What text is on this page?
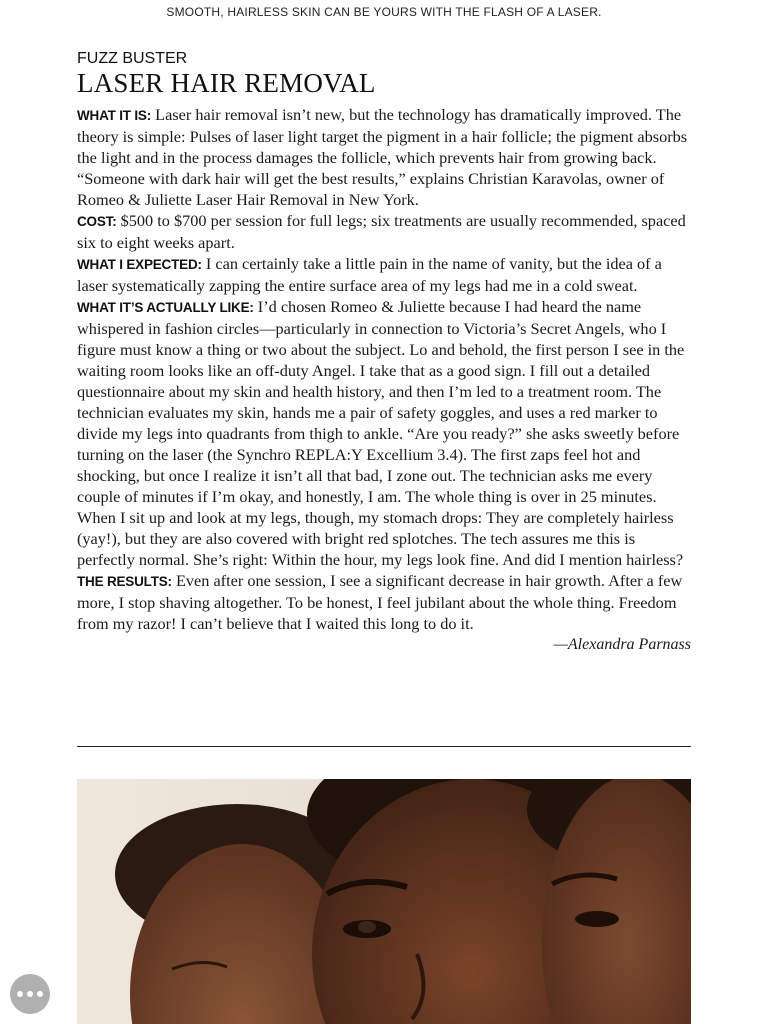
SMOOTH, HAIRLESS SKIN CAN BE YOURS WITH THE FLASH OF A LASER.

FUZZ BUSTER

LASER HAIR REMOVAL

WHAT IT IS: Laser hair removal isn’t new, but the technology has dramatically improved. The theory is simple: Pulses of laser light target the pigment in a hair follicle; the pigment absorbs the light and in the process damages the follicle, which prevents hair from growing back. “Someone with dark hair will get the best results,” explains Christian Karavolas, owner of Romeo & Juliette Laser Hair Removal in New York.

COST: $500 to $700 per session for full legs; six treatments are usually recommended, spaced six to eight weeks apart.

WHAT I EXPECTED: I can certainly take a little pain in the name of vanity, but the idea of a laser systematically zapping the entire surface area of my legs had me in a cold sweat.

WHAT IT’S ACTUALLY LIKE: I’d chosen Romeo & Juliette because I had heard the name whispered in fashion circles—particularly in connection to Victoria’s Secret Angels, who I figure must know a thing or two about the subject. Lo and behold, the first person I see in the waiting room looks like an off-duty Angel. I take that as a good sign. I fill out a detailed questionnaire about my skin and health history, and then I’m led to a treatment room. The technician evaluates my skin, hands me a pair of safety goggles, and uses a red marker to divide my legs into quadrants from thigh to ankle. “Are you ready?” she asks sweetly before turning on the laser (the Synchro REPLA:Y Excellium 3.4). The first zaps feel hot and shocking, but once I realize it isn’t all that bad, I zone out. The technician asks me every couple of minutes if I’m okay, and honestly, I am. The whole thing is over in 25 minutes. When I sit up and look at my legs, though, my stomach drops: They are completely hairless (yay!), but they are also covered with bright red splotches. The tech assures me this is perfectly normal. She’s right: Within the hour, my legs look fine. And did I mention hairless?

THE RESULTS: Even after one session, I see a significant decrease in hair growth. After a few more, I stop shaving altogether. To be honest, I feel jubilant about the whole thing. Freedom from my razor! I can’t believe that I waited this long to do it.

—Alexandra Parnass
